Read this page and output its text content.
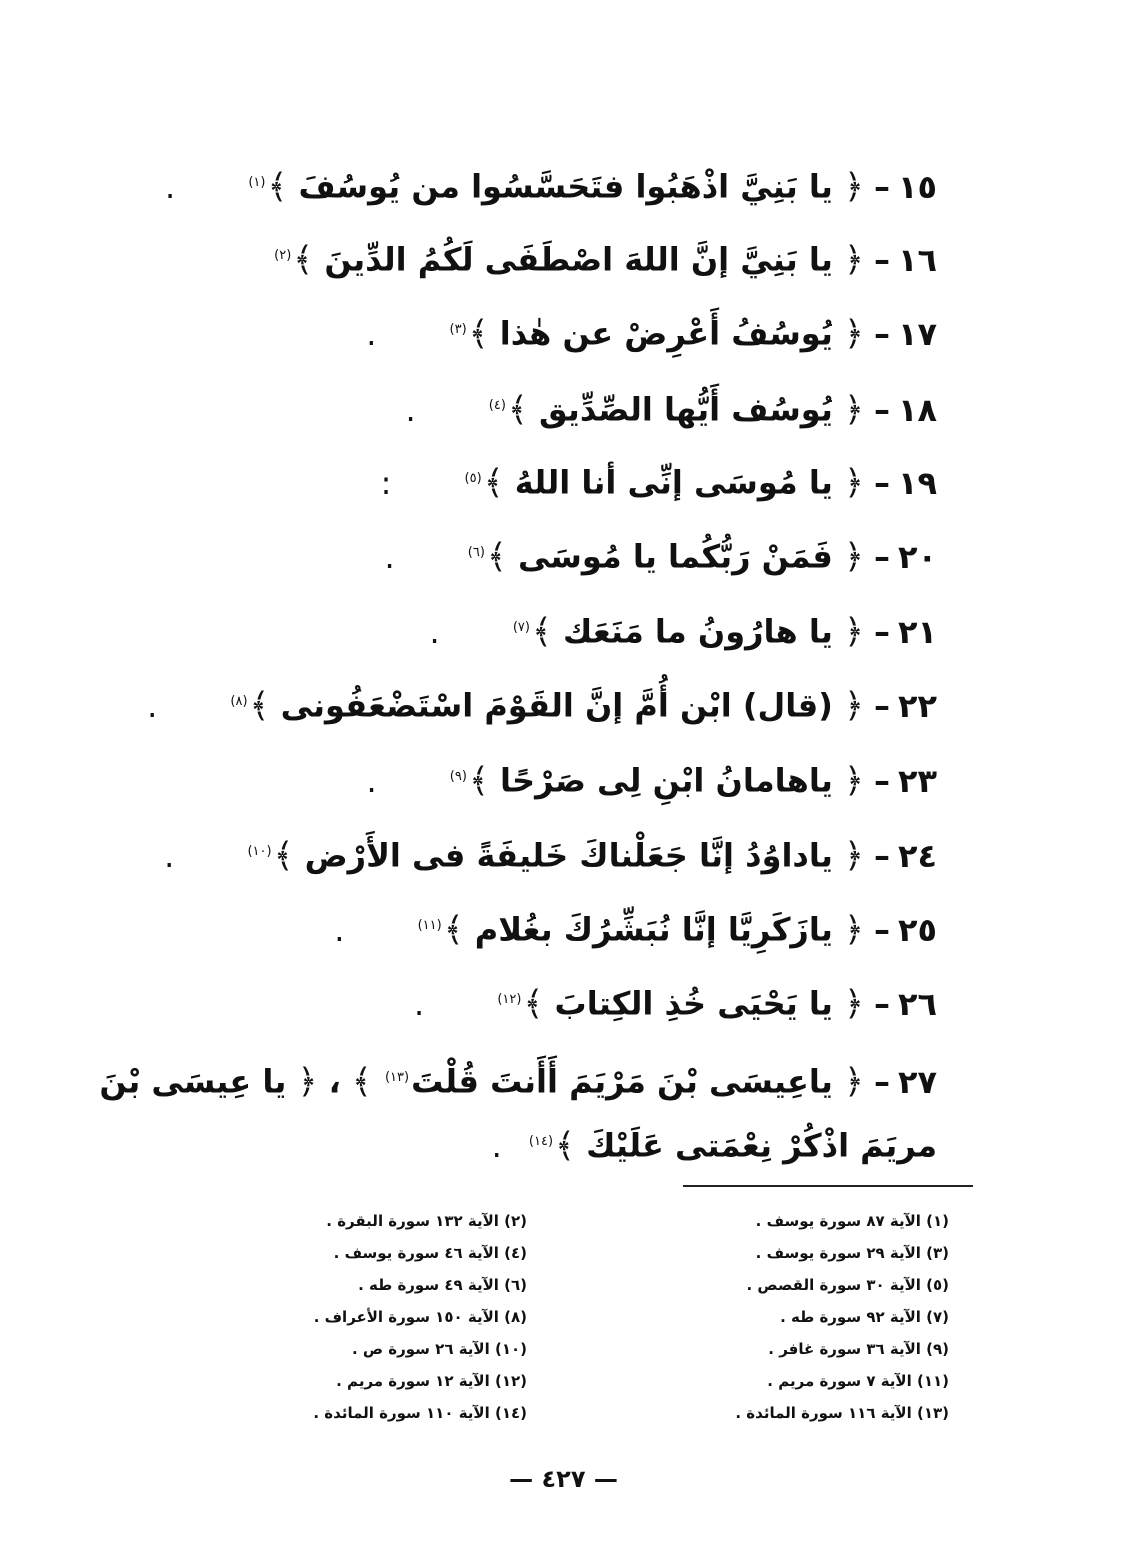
١٥–﴿ يا بَنِيَّ اذْهَبُوا فتَحَسَّسُوا من يُوسُفَ ﴾$^{(١)}$ .
١٦–﴿ يا بَنِيَّ إنَّ اللهَ اصْطَفَى لَكُمُ الدِّينَ ﴾$^{(٢)}$
١٧–﴿ يُوسُفُ أَعْرِضْ عن هٰذا ﴾$^{(٣)}$ .
١٨–﴿ يُوسُف أَيُّها الصِّدِّيق ﴾$^{(٤)}$ .
١٩–﴿ يا مُوسَى إنِّى أنا اللهُ ﴾$^{(٥)}$ :
٢٠–﴿ فَمَنْ رَبُّكُما يا مُوسَى ﴾$^{(٦)}$ .
٢١–﴿ يا هارُونُ ما مَنَعَك ﴾$^{(٧)}$ .
٢٢–﴿ (قال) ابْن أُمَّ إنَّ القَوْمَ اسْتَضْعَفُونى ﴾$^{(٨)}$ .
٢٣–﴿ ياهامانُ ابْنِ لِى صَرْحًا ﴾$^{(٩)}$ .
٢٤–﴿ ياداوُدُ إنَّا جَعَلْناكَ خَليفَةً فى الأَرْض ﴾$^{(١٠)}$ .
٢٥–﴿ يازَكَرِيَّا إنَّا نُبَشِّرُكَ بغُلام ﴾$^{(١١)}$ .
٢٦–﴿ يا يَحْيَى خُذِ الكِتابَ ﴾$^{(١٢)}$ .
٢٧–﴿ ياعِيسَى بْنَ مَرْيَمَ أَأَنتَ قُلْتَ$^{(١٣)}$ ﴾ ، ﴿ يا عِيسَى بْنَ
مريَمَ اذْكُرْ نِعْمَتى عَلَيْكَ ﴾$^{(١٤)}$ .
(١) الآية ٨٧ سورة يوسف .
(٣) الآية ٢٩ سورة يوسف .
(٥) الآية ٣٠ سورة القصص .
(٧) الآية ٩٢ سورة طه .
(٩) الآية ٣٦ سورة غافر .
(١١) الآية ٧ سورة مريم .
(١٣) الآية ١١٦ سورة المائدة .
(٢) الآية ١٣٢ سورة البقرة .
(٤) الآية ٤٦ سورة يوسف .
(٦) الآية ٤٩ سورة طه .
(٨) الآية ١٥٠ سورة الأعراف .
(١٠) الآية ٢٦ سورة ص .
(١٢) الآية ١٢ سورة مريم .
(١٤) الآية ١١٠ سورة المائدة .
— ٤٢٧ —
